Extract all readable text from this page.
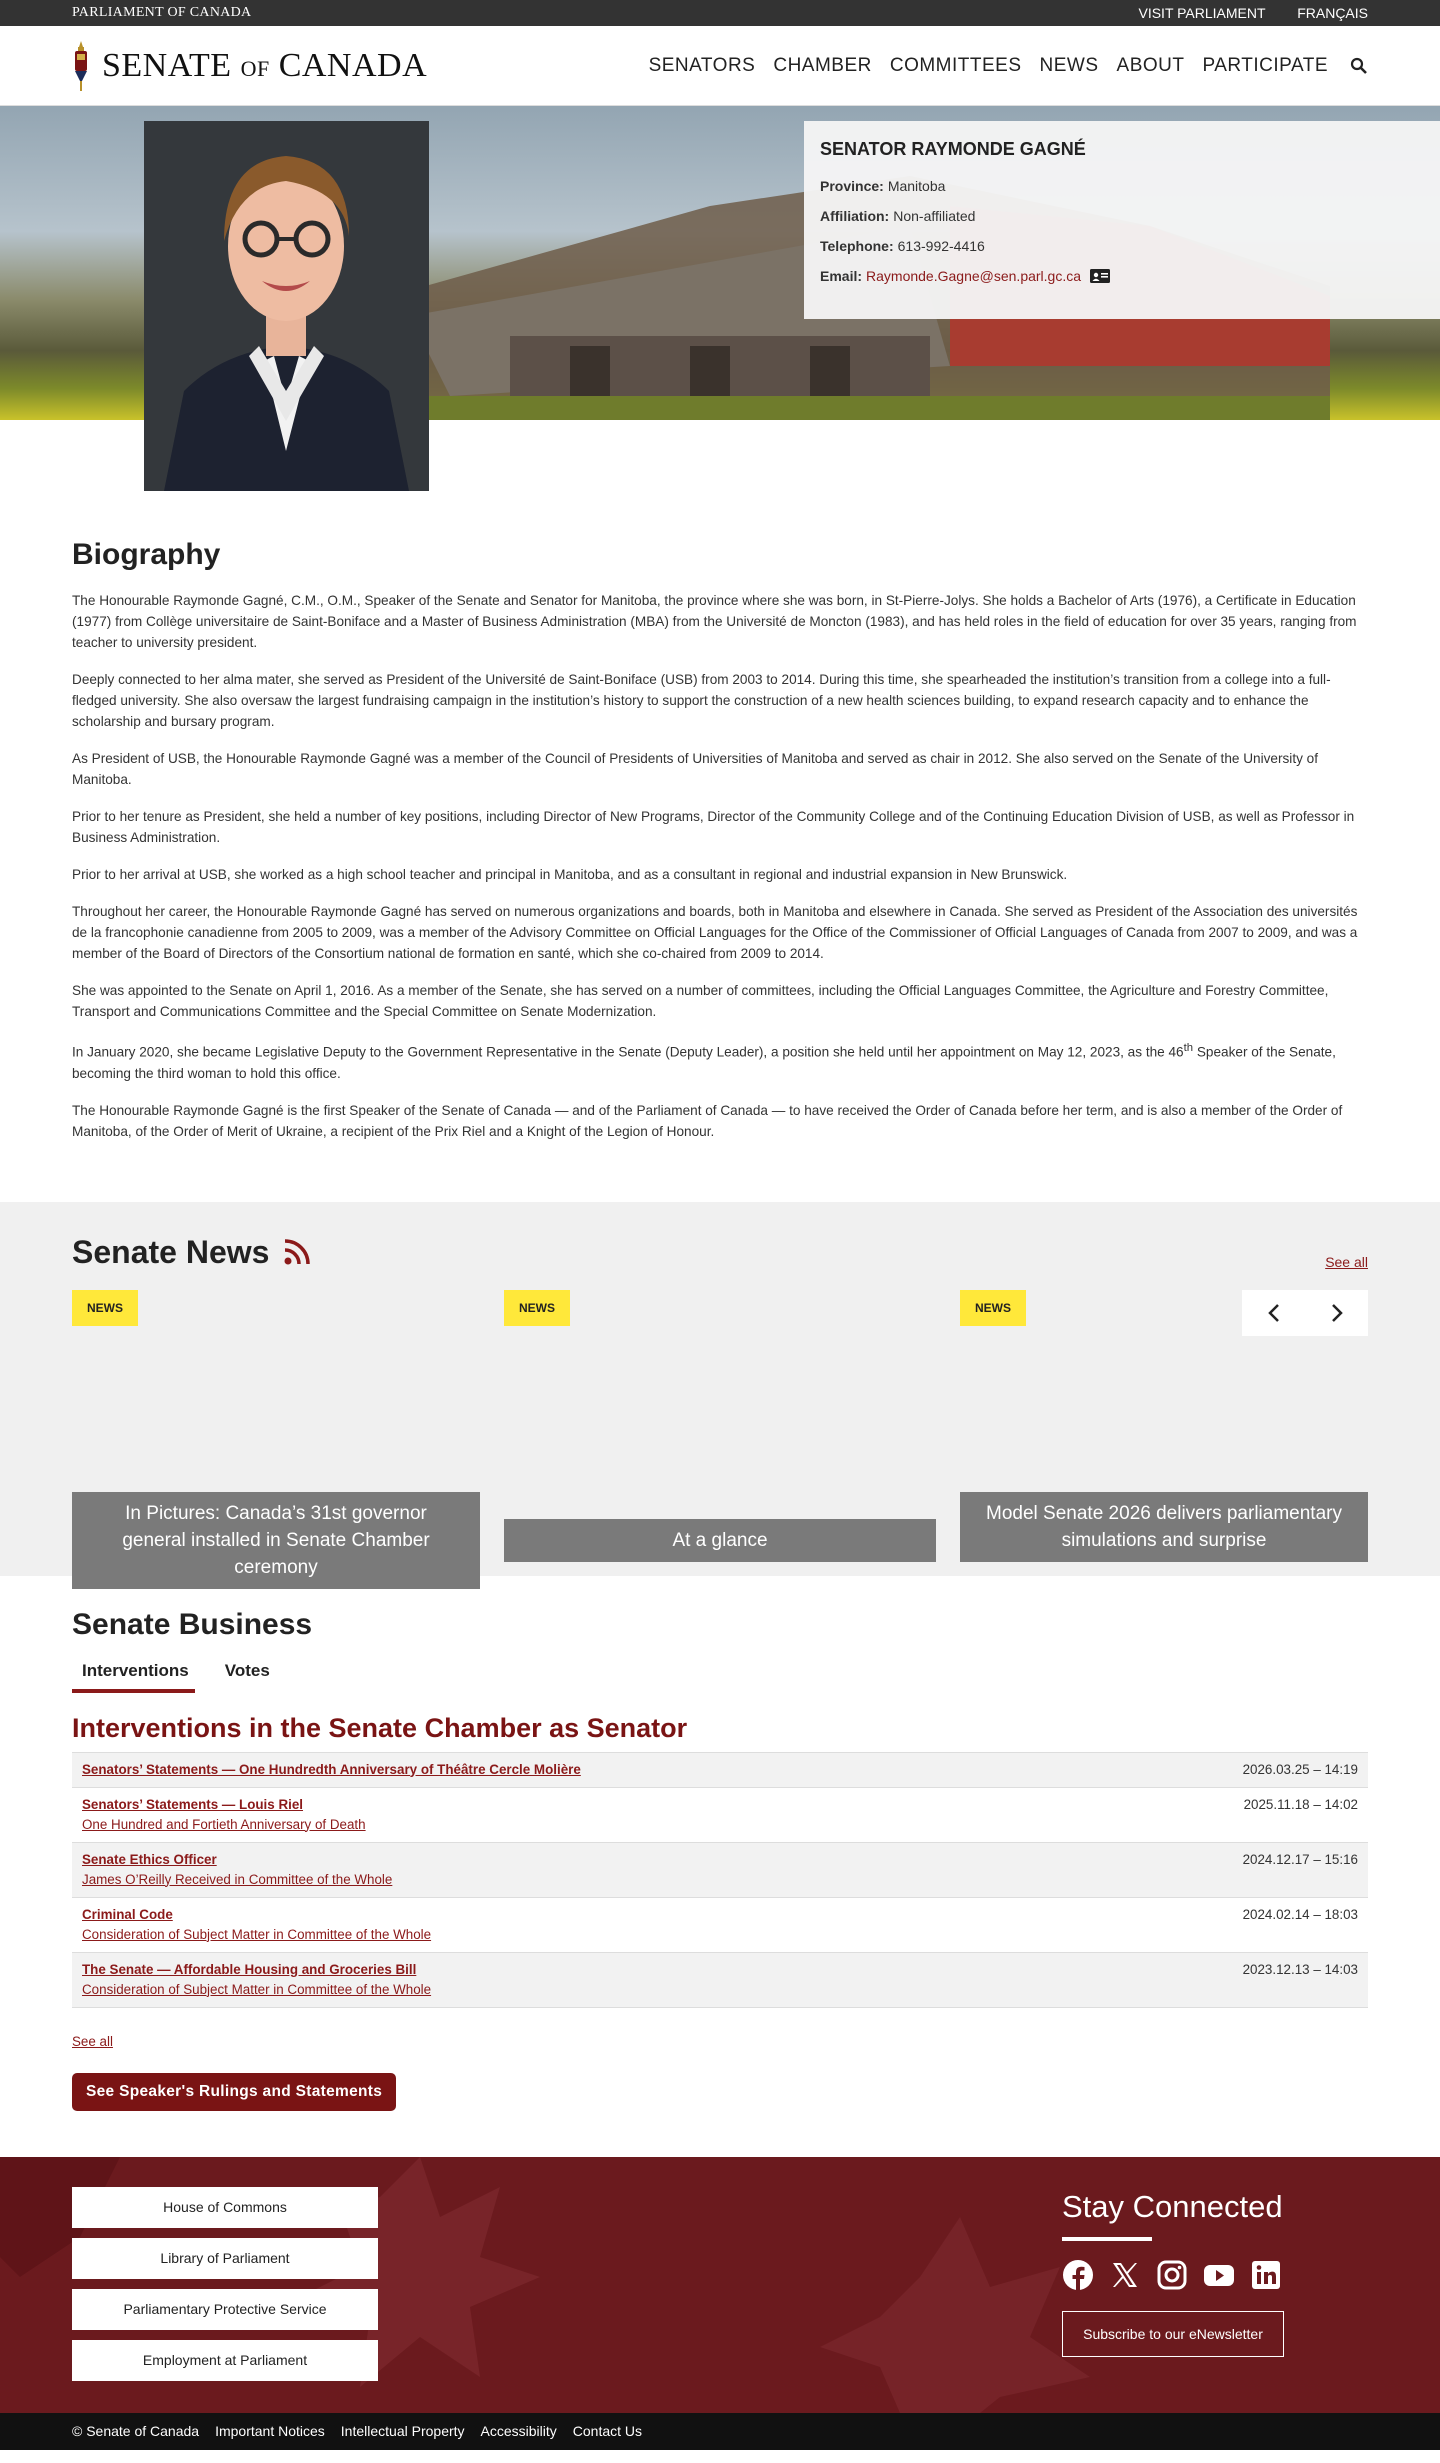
PARLIAMENT OF CANADA	VISIT PARLIAMENT FRANÇAIS
SENATE OF CANADA	SENATORS CHAMBER COMMITTEES NEWS ABOUT PARTICIPATE
SENATOR RAYMONDE GAGNÉ
Province: Manitoba
Affiliation: Non-affiliated
Telephone: 613-992-4416
Email: Raymonde.Gagne@sen.parl.gc.ca
Biography

The Honourable Raymonde Gagné, C.M., O.M., Speaker of the Senate and Senator for Manitoba, the province where she was born, in St-Pierre-Jolys. She holds a Bachelor of Arts (1976), a Certificate in Education (1977) from Collège universitaire de Saint-Boniface and a Master of Business Administration (MBA) from the Université de Moncton (1983), and has held roles in the field of education for over 35 years, ranging from teacher to university president.

Deeply connected to her alma mater, she served as President of the Université de Saint-Boniface (USB) from 2003 to 2014. During this time, she spearheaded the institution’s transition from a college into a full-fledged university. She also oversaw the largest fundraising campaign in the institution’s history to support the construction of a new health sciences building, to expand research capacity and to enhance the scholarship and bursary program.

As President of USB, the Honourable Raymonde Gagné was a member of the Council of Presidents of Universities of Manitoba and served as chair in 2012. She also served on the Senate of the University of Manitoba.

Prior to her tenure as President, she held a number of key positions, including Director of New Programs, Director of the Community College and of the Continuing Education Division of USB, as well as Professor in Business Administration.

Prior to her arrival at USB, she worked as a high school teacher and principal in Manitoba, and as a consultant in regional and industrial expansion in New Brunswick.

Throughout her career, the Honourable Raymonde Gagné has served on numerous organizations and boards, both in Manitoba and elsewhere in Canada. She served as President of the Association des universités de la francophonie canadienne from 2005 to 2009, was a member of the Advisory Committee on Official Languages for the Office of the Commissioner of Official Languages of Canada from 2007 to 2009, and was a member of the Board of Directors of the Consortium national de formation en santé, which she co-chaired from 2009 to 2014.

She was appointed to the Senate on April 1, 2016. As a member of the Senate, she has served on a number of committees, including the Official Languages Committee, the Agriculture and Forestry Committee, Transport and Communications Committee and the Special Committee on Senate Modernization.

In January 2020, she became Legislative Deputy to the Government Representative in the Senate (Deputy Leader), a position she held until her appointment on May 12, 2023, as the 46th Speaker of the Senate, becoming the third woman to hold this office.

The Honourable Raymonde Gagné is the first Speaker of the Senate of Canada — and of the Parliament of Canada — to have received the Order of Canada before her term, and is also a member of the Order of Manitoba, of the Order of Merit of Ukraine, a recipient of the Prix Riel and a Knight of the Legion of Honour.

Senate News	See all
NEWS
In Pictures: Canada’s 31st governor general installed in Senate Chamber ceremony
NEWS
At a glance
NEWS
Model Senate 2026 delivers parliamentary simulations and surprise
Senate Business
Interventions	Votes
Interventions in the Senate Chamber as Senator
Senators’ Statements — One Hundredth Anniversary of Théâtre Cercle Molière	2026.03.25 – 14:19
Senators’ Statements — Louis Riel
One Hundred and Fortieth Anniversary of Death
2025.11.18 – 14:02
Senate Ethics Officer
James O’Reilly Received in Committee of the Whole
2024.12.17 – 15:16
Criminal Code
Consideration of Subject Matter in Committee of the Whole
2024.02.14 – 18:03
The Senate — Affordable Housing and Groceries Bill
Consideration of Subject Matter in Committee of the Whole
2023.12.13 – 14:03
See all
See Speaker's Rulings and Statements
House of Commons
Library of Parliament
Parliamentary Protective Service
Employment at Parliament
Stay Connected
Subscribe to our eNewsletter
© Senate of Canada Important Notices Intellectual Property Accessibility Contact Us
